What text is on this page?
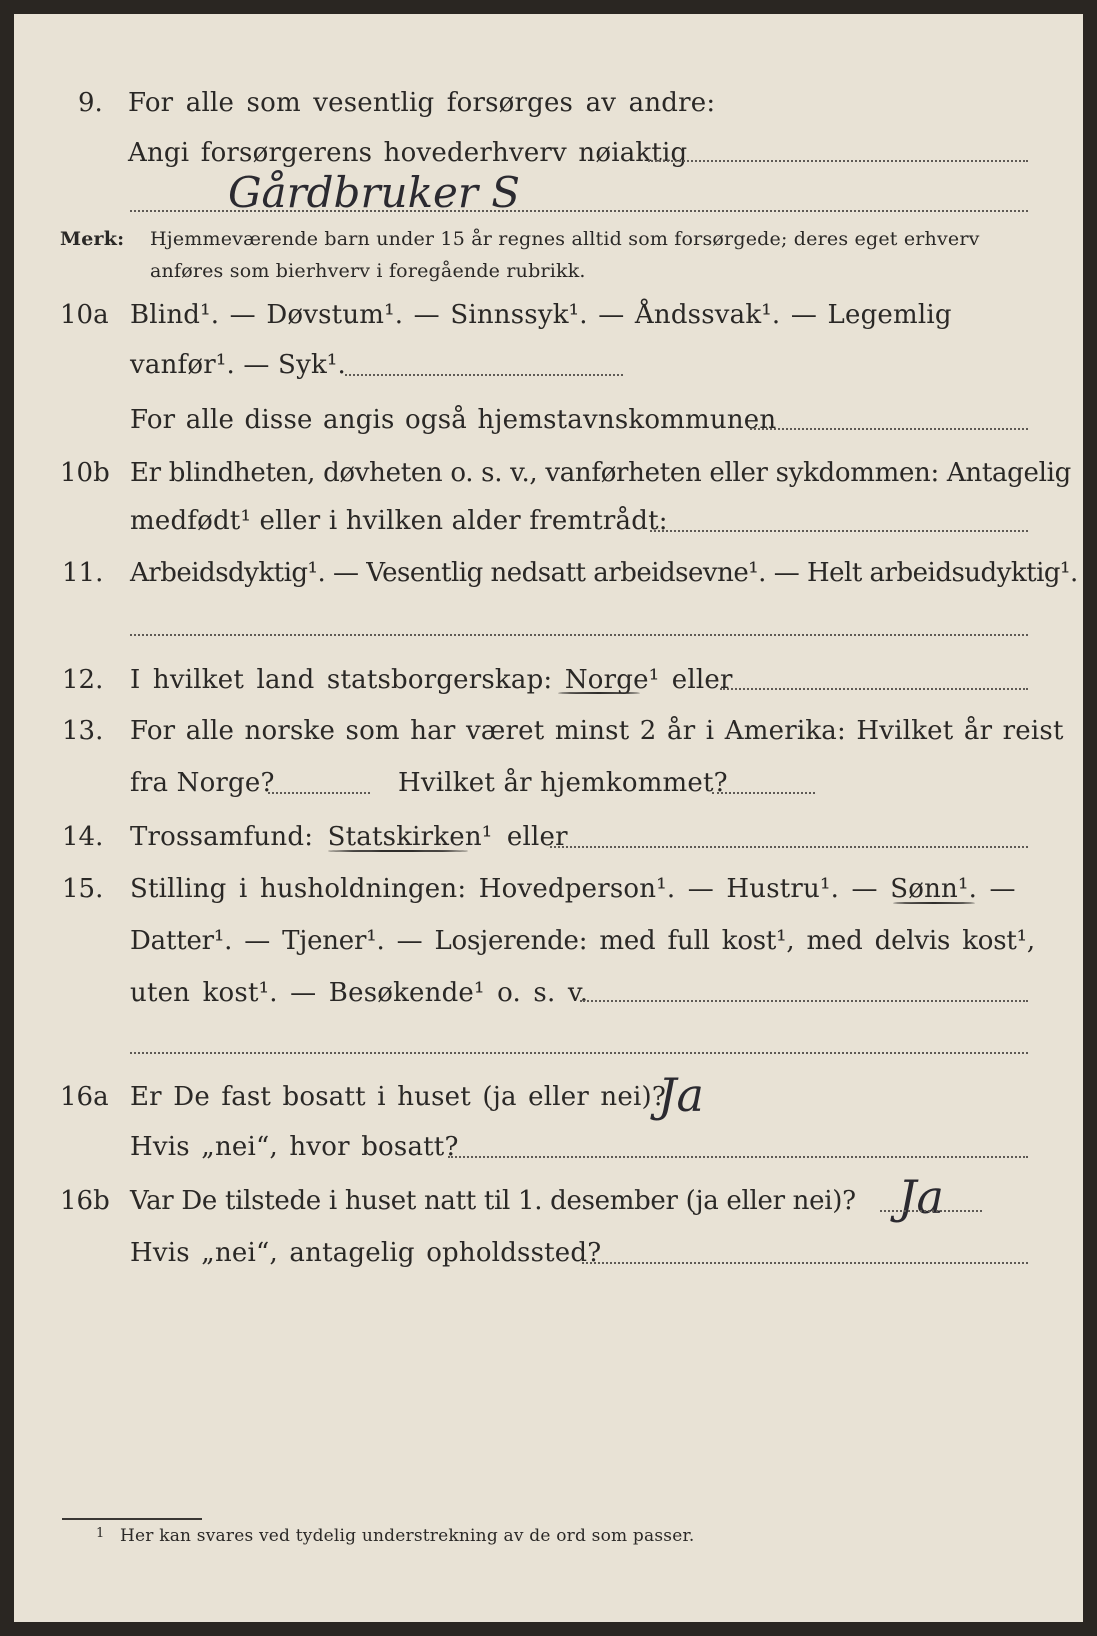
9. For alle som vesentlig forsørges av andre:
Angi forsørgerens hovederhverv nøiaktig
Gårdbruker S
Merk: Hjemmeværende barn under 15 år regnes alltid som forsørgede; deres eget erhverv
anføres som bierhverv i foregående rubrikk.
10a Blind¹. — Døvstum¹. — Sinnssyk¹. — Åndssvak¹. — Legemlig
vanfør¹. — Syk¹.
For alle disse angis også hjemstavnskommunen
10b Er blindheten, døvheten o. s. v., vanførheten eller sykdommen: Antagelig
medfødt¹ eller i hvilken alder fremtrådt:
11. Arbeidsdyktig¹. — Vesentlig nedsatt arbeidsevne¹. — Helt arbeidsudyktig¹.
12. I hvilket land statsborgerskap: Norge¹ eller
13. For alle norske som har været minst 2 år i Amerika: Hvilket år reist
fra Norge?	Hvilket år hjemkommet?
14. Trossamfund: Statskirken¹ eller
15. Stilling i husholdningen: Hovedperson¹. — Hustru¹. — Sønn¹. —
Datter¹. — Tjener¹. — Losjerende: med full kost¹, med delvis kost¹,
uten kost¹. — Besøkende¹ o. s. v.
16a Er De fast bosatt i huset (ja eller nei)?
Ja
Hvis „nei“, hvor bosatt?
16b Var De tilstede i huset natt til 1. desember (ja eller nei)? Ja
Hvis „nei“, antagelig opholdssted?
1 Her kan svares ved tydelig understrekning av de ord som passer.
